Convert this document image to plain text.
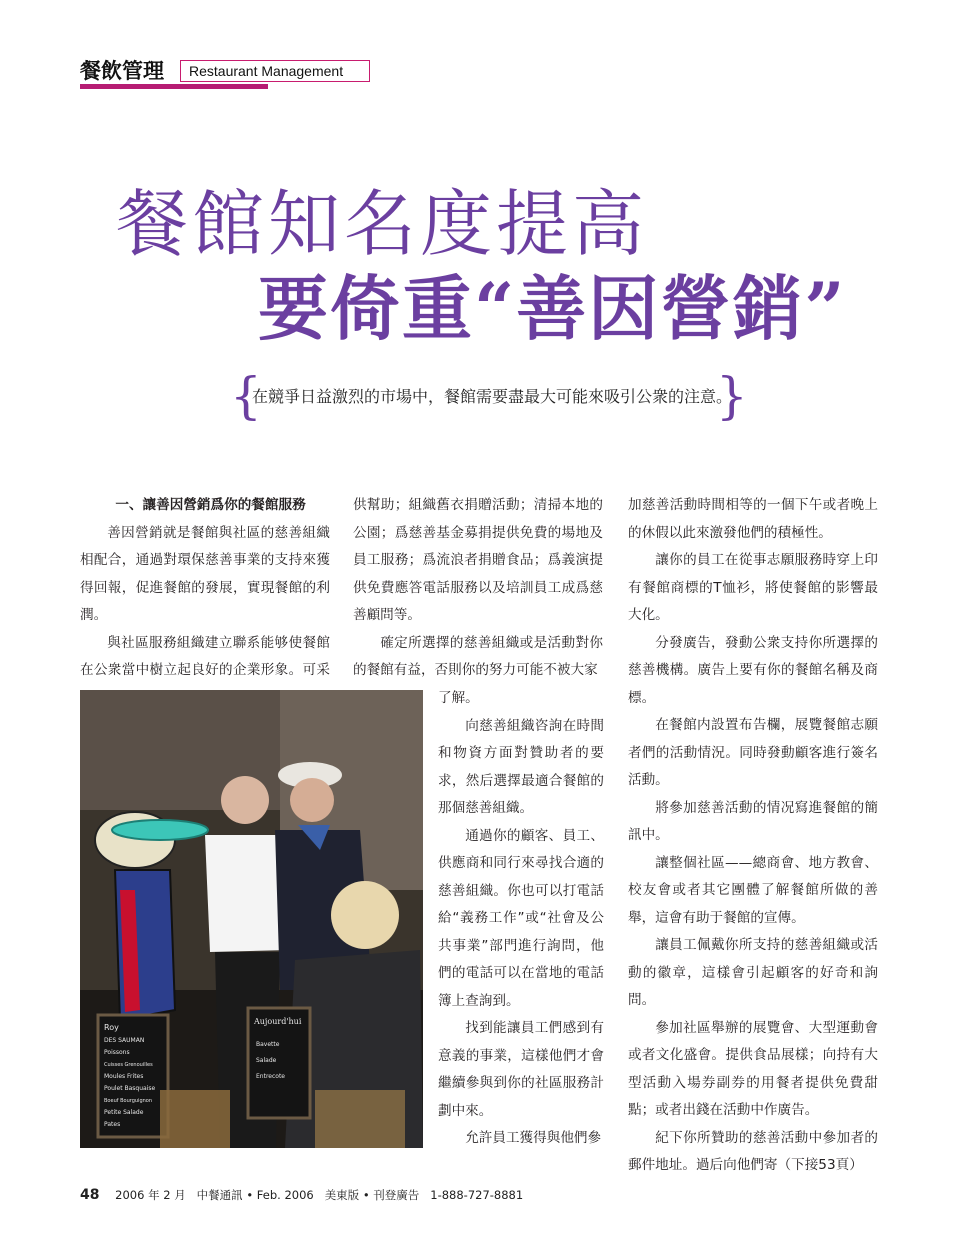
餐飲管理	Restaurant Management
餐館知名度提高
要倚重“善因營銷”
{
在競爭日益激烈的市場中，餐館需要盡最大可能來吸引公衆的注意。
}

一、讓善因營銷爲你的餐館服務

善因營銷就是餐館與社區的慈善組織相配合，通過對環保慈善事業的支持來獲得回報，促進餐館的發展，實現餐館的利潤。

與社區服務組織建立聯系能够使餐館在公衆當中樹立起良好的企業形象。可采

供幫助；組織舊衣捐贈活動；清掃本地的公園；爲慈善基金募捐提供免費的場地及員工服務；爲流浪者捐贈食品；爲義演提供免費應答電話服務以及培訓員工成爲慈善顧問等。

確定所選擇的慈善組織或是活動對你的餐館有益，否則你的努力可能不被大家

了解。

向慈善組織咨詢在時間和物資方面對贊助者的要求，然后選擇最適合餐館的那個慈善組織。

通過你的顧客、員工、供應商和同行來尋找合適的慈善組織。你也可以打電話給“義務工作”或“社會及公共事業”部門進行詢問，他們的電話可以在當地的電話簿上查詢到。

找到能讓員工們感到有意義的事業，這樣他們才會繼續參與到你的社區服務計劃中來。

允許員工獲得與他們參

加慈善活動時間相等的一個下午或者晚上的休假以此來激發他們的積極性。

讓你的員工在從事志願服務時穿上印有餐館商標的T恤衫，將使餐館的影響最大化。

分發廣告，發動公衆支持你所選擇的慈善機構。廣告上要有你的餐館名稱及商標。

在餐館内設置布告欄，展覽餐館志願者們的活動情況。同時發動顧客進行簽名活動。

將參加慈善活動的情况寫進餐館的簡訊中。

讓整個社區——總商會、地方教會、校友會或者其它團體了解餐館所做的善舉，這會有助于餐館的宣傳。

讓員工佩戴你所支持的慈善組織或活動的徽章，這樣會引起顧客的好奇和詢問。

參加社區舉辦的展覽會、大型運動會或者文化盛會。提供食品展樣；向持有大型活動入場券副券的用餐者提供免費甜點；或者出錢在活動中作廣告。

紀下你所贊助的慈善活動中參加者的郵件地址。過后向他們寄（下接53頁）

Roy
DES SAUMAN
Poissons
Cuisses Grenouilles
Moules Frites
Poulet Basquaise
Boeuf Bourguignon
Petite Salade
Pates
Aujourd'hui
Bavette
Salade
Entrecote
48 2006 年 2 月 中餐通訊 • Feb. 2006 美東版 • 刊登廣告 1-888-727-8881
